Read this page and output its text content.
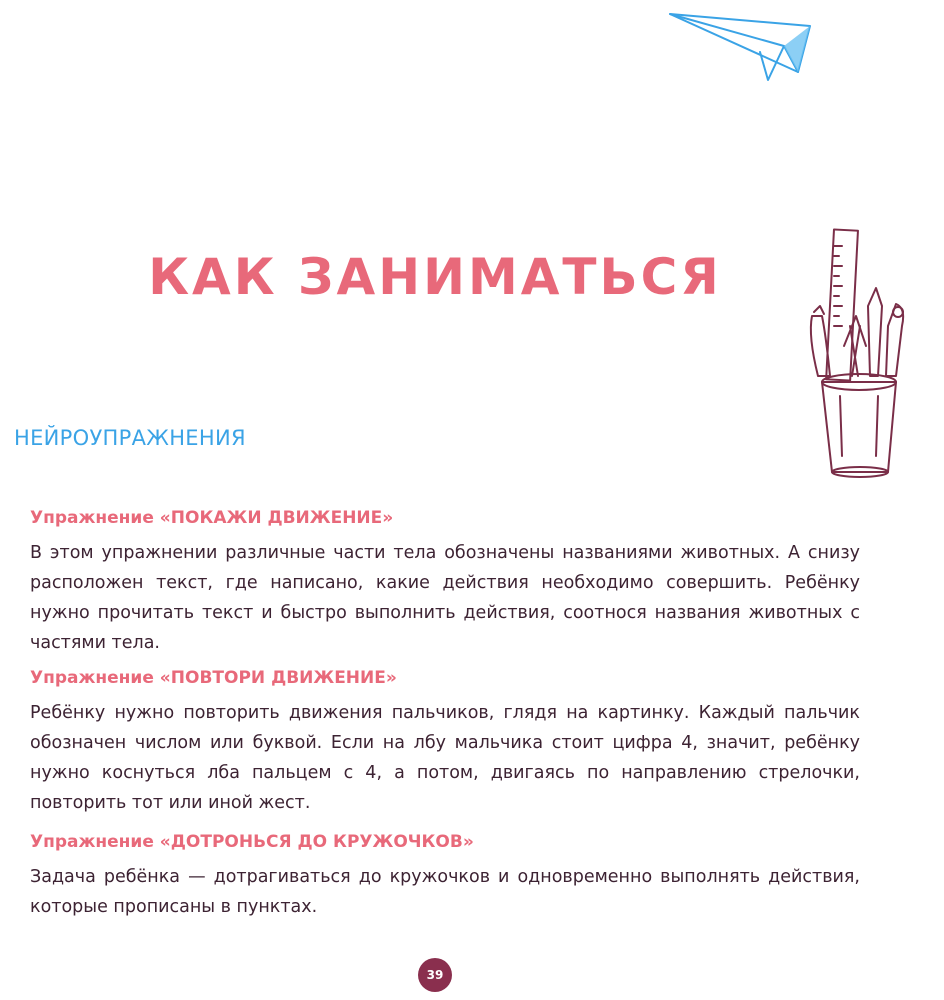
КАК ЗАНИМАТЬСЯ
НЕЙРОУПРАЖНЕНИЯ
Упражнение «ПОКАЖИ ДВИЖЕНИЕ»

В этом упражнении различные части тела обозначены названиями животных. А снизу расположен текст, где написано, какие действия необходимо совершить. Ребёнку нужно прочитать текст и быстро выполнить действия, соотнося названия животных с частями тела.

Упражнение «ПОВТОРИ ДВИЖЕНИЕ»

Ребёнку нужно повторить движения пальчиков, глядя на картинку. Каждый пальчик обозначен числом или буквой. Если на лбу мальчика стоит цифра 4, значит, ребёнку нужно коснуться лба пальцем с 4, а потом, двигаясь по направлению стрелочки, повторить тот или иной жест.

Упражнение «ДОТРОНЬСЯ ДО КРУЖОЧКОВ»

Задача ребёнка — дотрагиваться до кружочков и одновременно выполнять действия, которые прописаны в пунктах.

39
